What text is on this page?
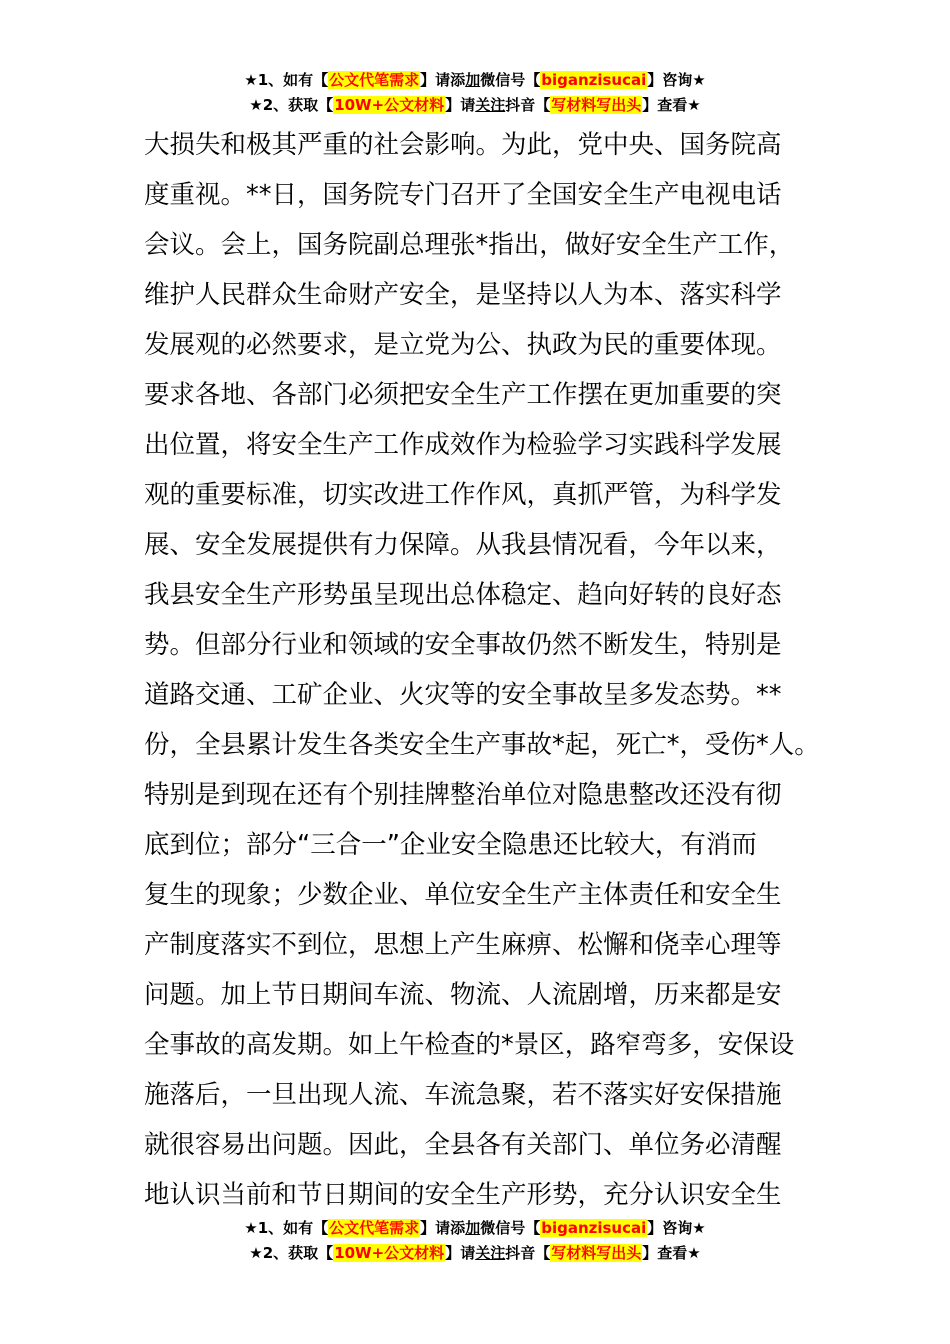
★1、如有【公文代笔需求】请添加微信号【biganzisucai】咨询★
★2、获取【10W+公文材料】请关注抖音【写材料写出头】查看★
大损失和极其严重的社会影响。为此，党中央、国务院高
度重视。**日，国务院专门召开了全国安全生产电视电话
会议。会上，国务院副总理张*指出，做好安全生产工作，
维护人民群众生命财产安全，是坚持以人为本、落实科学
发展观的必然要求，是立党为公、执政为民的重要体现。
要求各地、各部门必须把安全生产工作摆在更加重要的突
出位置，将安全生产工作成效作为检验学习实践科学发展
观的重要标准，切实改进工作作风，真抓严管，为科学发
展、安全发展提供有力保障。从我县情况看，今年以来，
我县安全生产形势虽呈现出总体稳定、趋向好转的良好态
势。但部分行业和领域的安全事故仍然不断发生，特别是
道路交通、工矿企业、火灾等的安全事故呈多发态势。**
份，全县累计发生各类安全生产事故*起，死亡*，受伤*人。
特别是到现在还有个别挂牌整治单位对隐患整改还没有彻
底到位；部分“三合一”企业安全隐患还比较大，有消而
复生的现象；少数企业、单位安全生产主体责任和安全生
产制度落实不到位，思想上产生麻痹、松懈和侥幸心理等
问题。加上节日期间车流、物流、人流剧增，历来都是安
全事故的高发期。如上午检查的*景区，路窄弯多，安保设
施落后，一旦出现人流、车流急聚，若不落实好安保措施
就很容易出问题。因此，全县各有关部门、单位务必清醒
地认识当前和节日期间的安全生产形势，充分认识安全生
★1、如有【公文代笔需求】请添加微信号【biganzisucai】咨询★
★2、获取【10W+公文材料】请关注抖音【写材料写出头】查看★
